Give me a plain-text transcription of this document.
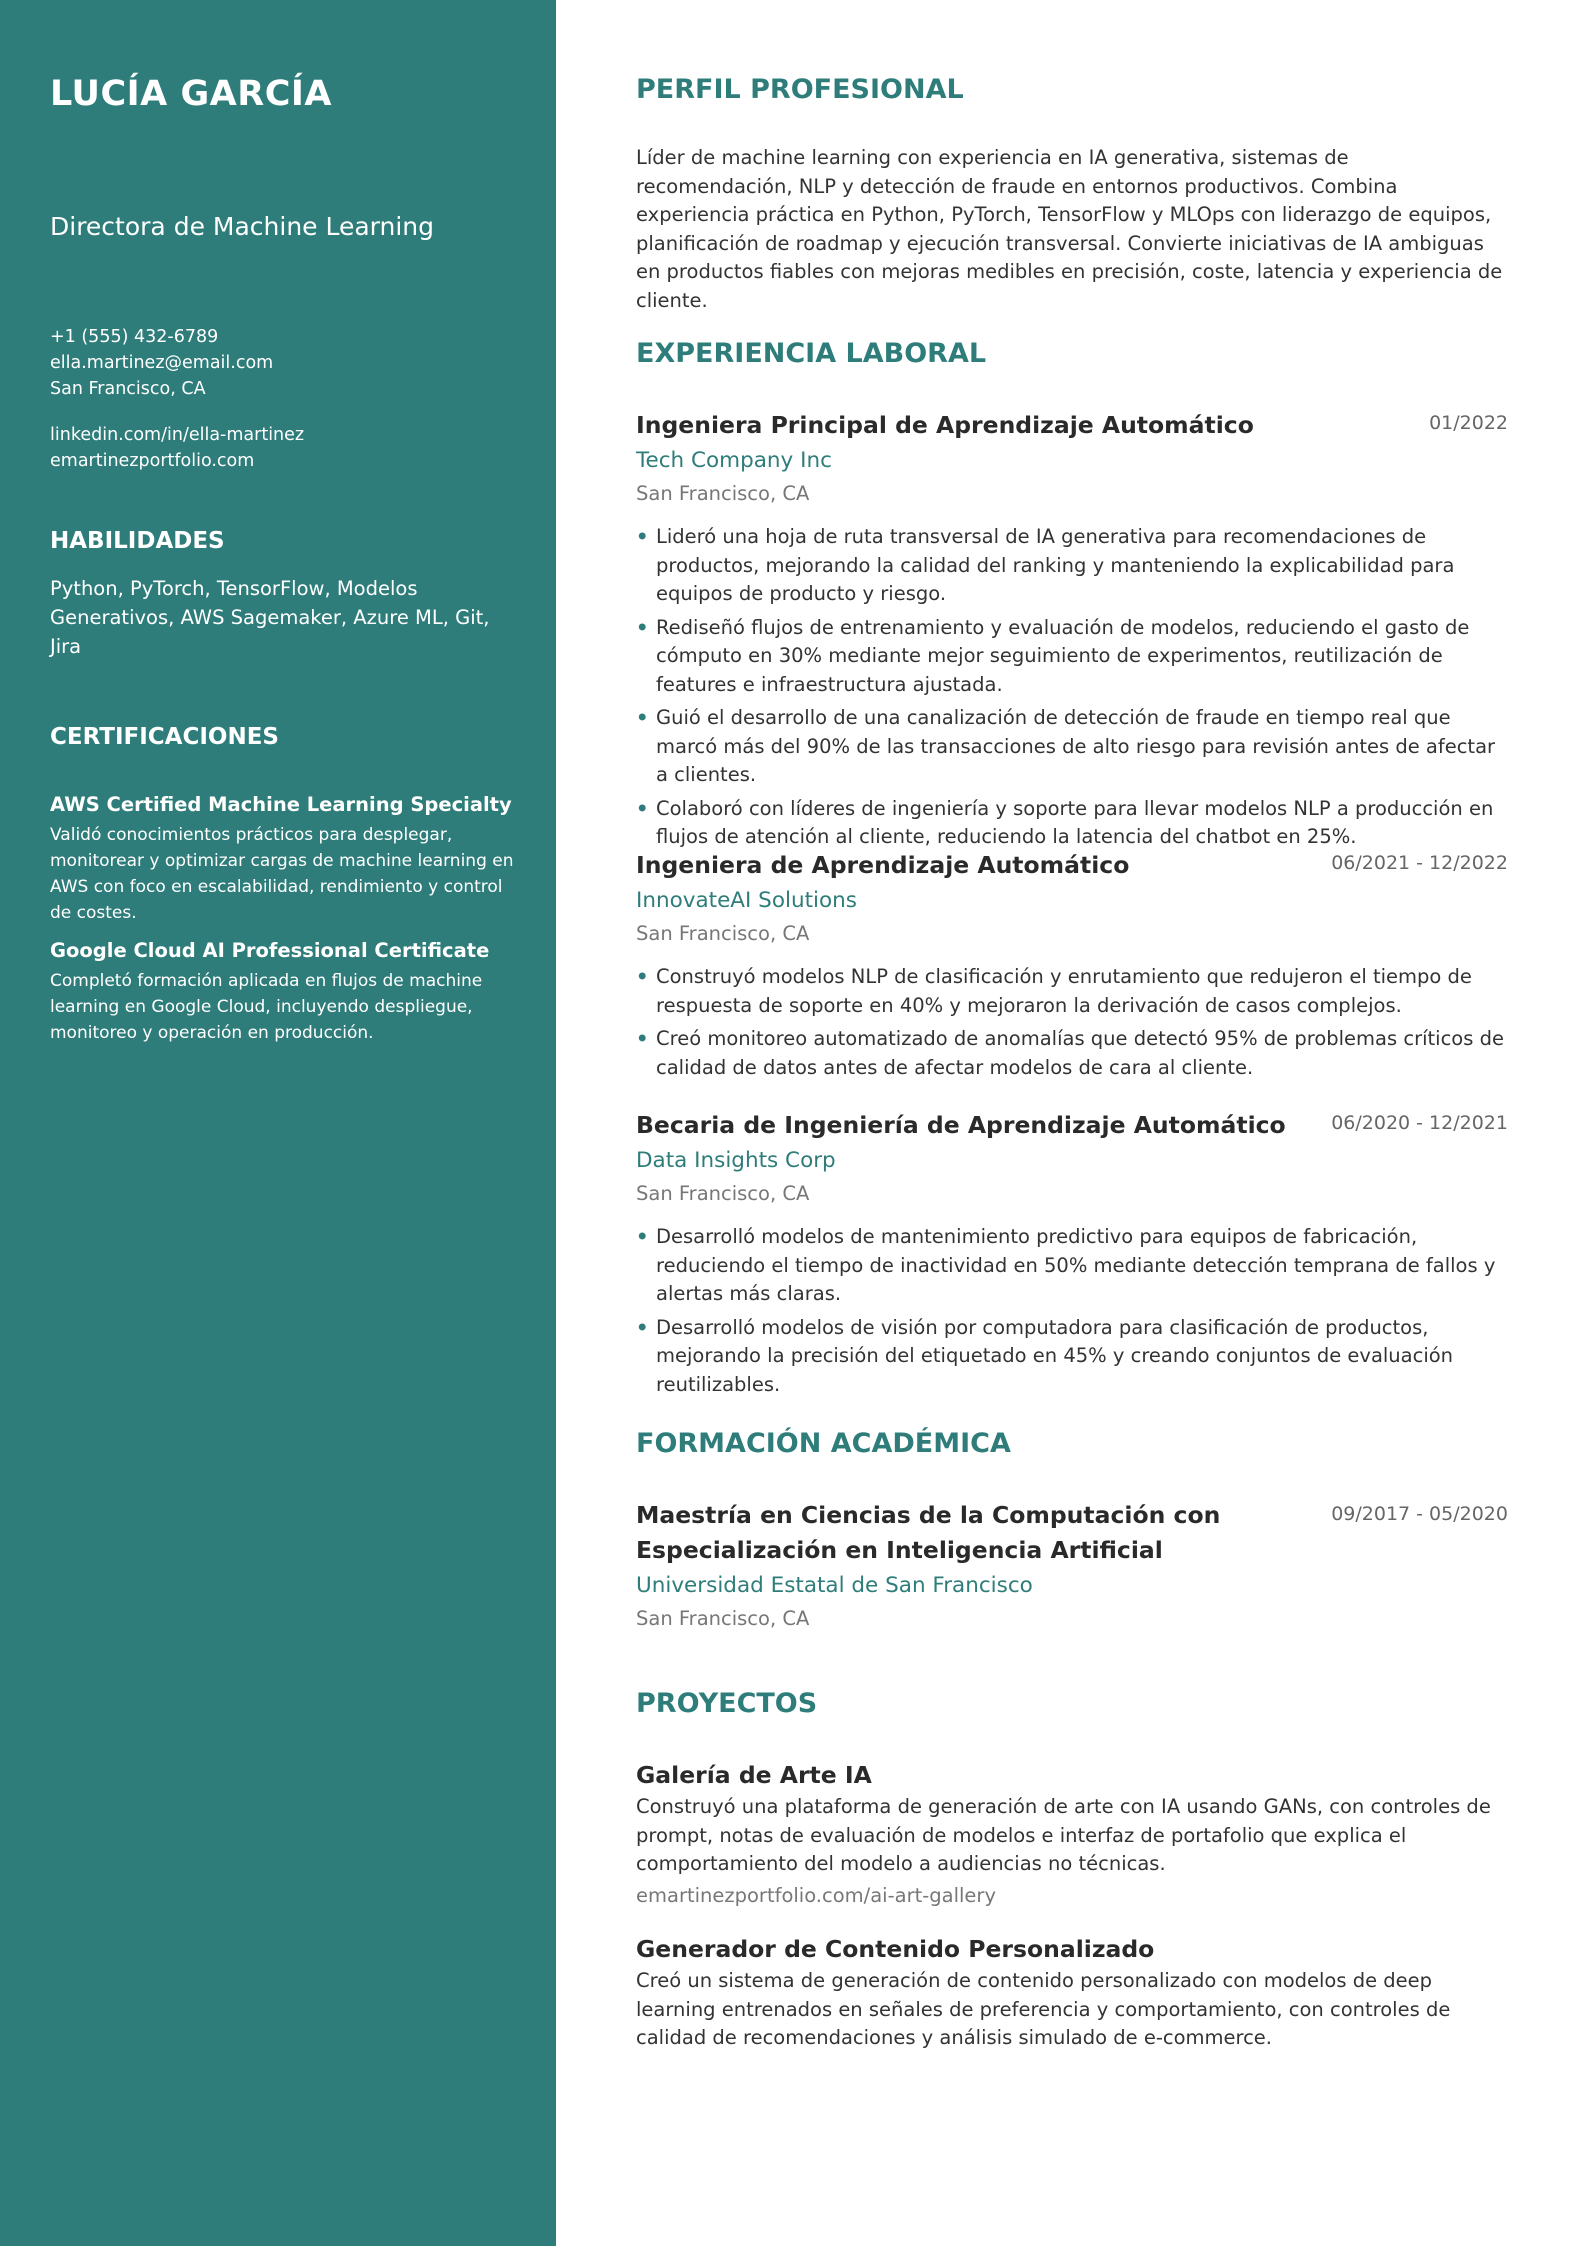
LUCÍA GARCÍA

Directora de Machine Learning

+1 (555) 432-6789
ella.martinez@email.com
San Francisco, CA
linkedin.com/in/ella-martinez
emartinezportfolio.com
HABILIDADES

Python, PyTorch, TensorFlow, Modelos Generativos, AWS Sagemaker, Azure ML, Git, Jira

CERTIFICACIONES

AWS Certified Machine Learning Specialty

Validó conocimientos prácticos para desplegar, monitorear y optimizar cargas de machine learning en AWS con foco en escalabilidad, rendimiento y control de costes.

Google Cloud AI Professional Certificate

Completó formación aplicada en flujos de machine learning en Google Cloud, incluyendo despliegue, monitoreo y operación en producción.

PERFIL PROFESIONAL

Líder de machine learning con experiencia en IA generativa, sistemas de recomendación, NLP y detección de fraude en entornos productivos. Combina experiencia práctica en Python, PyTorch, TensorFlow y MLOps con liderazgo de equipos, planificación de roadmap y ejecución transversal. Convierte iniciativas de IA ambiguas en productos fiables con mejoras medibles en precisión, coste, latencia y experiencia de cliente.

EXPERIENCIA LABORAL

Ingeniera Principal de Aprendizaje Automático	01/2022

Tech Company Inc

San Francisco, CA

• Lideró una hoja de ruta transversal de IA generativa para recomendaciones de productos, mejorando la calidad del ranking y manteniendo la explicabilidad para equipos de producto y riesgo.
• Rediseñó flujos de entrenamiento y evaluación de modelos, reduciendo el gasto de cómputo en 30% mediante mejor seguimiento de experimentos, reutilización de features e infraestructura ajustada.
• Guió el desarrollo de una canalización de detección de fraude en tiempo real que marcó más del 90% de las transacciones de alto riesgo para revisión antes de afectar a clientes.
• Colaboró con líderes de ingeniería y soporte para llevar modelos NLP a producción en flujos de atención al cliente, reduciendo la latencia del chatbot en 25%.

Ingeniera de Aprendizaje Automático	06/2021 - 12/2022

InnovateAI Solutions

San Francisco, CA

• Construyó modelos NLP de clasificación y enrutamiento que redujeron el tiempo de respuesta de soporte en 40% y mejoraron la derivación de casos complejos.
• Creó monitoreo automatizado de anomalías que detectó 95% de problemas críticos de calidad de datos antes de afectar modelos de cara al cliente.

Becaria de Ingeniería de Aprendizaje Automático	06/2020 - 12/2021

Data Insights Corp

San Francisco, CA

• Desarrolló modelos de mantenimiento predictivo para equipos de fabricación, reduciendo el tiempo de inactividad en 50% mediante detección temprana de fallos y alertas más claras.
• Desarrolló modelos de visión por computadora para clasificación de productos, mejorando la precisión del etiquetado en 45% y creando conjuntos de evaluación reutilizables.
FORMACIÓN ACADÉMICA

Maestría en Ciencias de la Computación con Especialización en Inteligencia Artificial

09/2017 - 05/2020

Universidad Estatal de San Francisco

San Francisco, CA

PROYECTOS

Galería de Arte IA

Construyó una plataforma de generación de arte con IA usando GANs, con controles de prompt, notas de evaluación de modelos e interfaz de portafolio que explica el comportamiento del modelo a audiencias no técnicas.

emartinezportfolio.com/ai-art-gallery

Generador de Contenido Personalizado

Creó un sistema de generación de contenido personalizado con modelos de deep learning entrenados en señales de preferencia y comportamiento, con controles de calidad de recomendaciones y análisis simulado de e-commerce.
